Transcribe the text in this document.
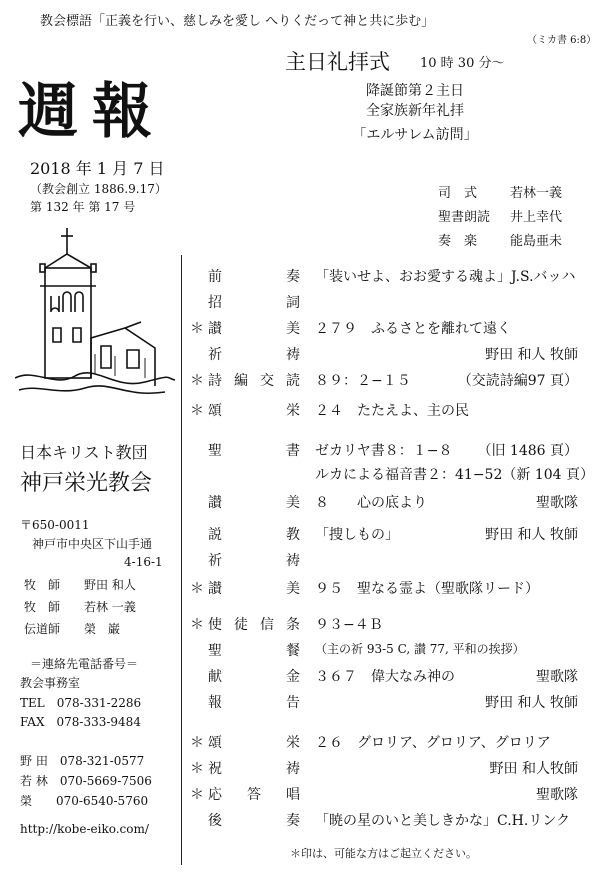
教会標語「正義を行い、慈しみを愛し へりくだって神と共に歩む」
（ミカ書 6:8）
週報
2018 年 1 月 7 日
（教会創立 1886.9.17）
第 132 年 第 17 号
主日礼拝式 10 時 30 分〜
降誕節第２主日
全家族新年礼拝
「エルサレム訪問」
司　式	若林一義
聖書朗読 井上幸代
奏　楽	能島亜未
日本キリスト教団
神戸栄光教会
〒650-0011
神戸市中央区下山手通
4-16-1
牧　師 野田 和人
牧　師 若林 一義
伝道師 榮　巌
＝連絡先電話番号＝
教会事務室
TEL　078-331-2286
FAX　078-333-9484
野 田　078-321-0577
若 林　070-5669-7506
榮　　070-6540-5760
http://kobe-eiko.com/
前奏 「装いせよ、おお愛する魂よ」J.S.バッハ
招詞
＊ 讃美 ２７９　ふるさとを離れて遠く
祈祷	野田 和人 牧師
＊ 詩編交読 ８９：２−１５	（交読詩編97 頁）
＊ 頌栄 ２４　たたえよ、主の民
聖書 ゼカリヤ書８：１−８ （旧 1486 頁）
ルカによる福音書２：41−52（新 104 頁）
讃美 ８　　心の底より	聖歌隊
説教 「捜しもの」	野田 和人 牧師
祈祷
＊ 讃美 ９５　聖なる霊よ（聖歌隊リード）
＊ 使徒信条 ９３−４Ｂ
聖餐 （主の祈 93-5 C, 讃 77, 平和の挨拶）
献金 ３６７　偉大なみ神の	聖歌隊
報告	野田 和人 牧師
＊ 頌栄 ２６　グロリア、グロリア、グロリア
＊ 祝祷	野田 和人牧師
＊ 応答唱	聖歌隊
後奏 「暁の星のいと美しきかな」C.H.リンク
＊印は、可能な方はご起立ください。
